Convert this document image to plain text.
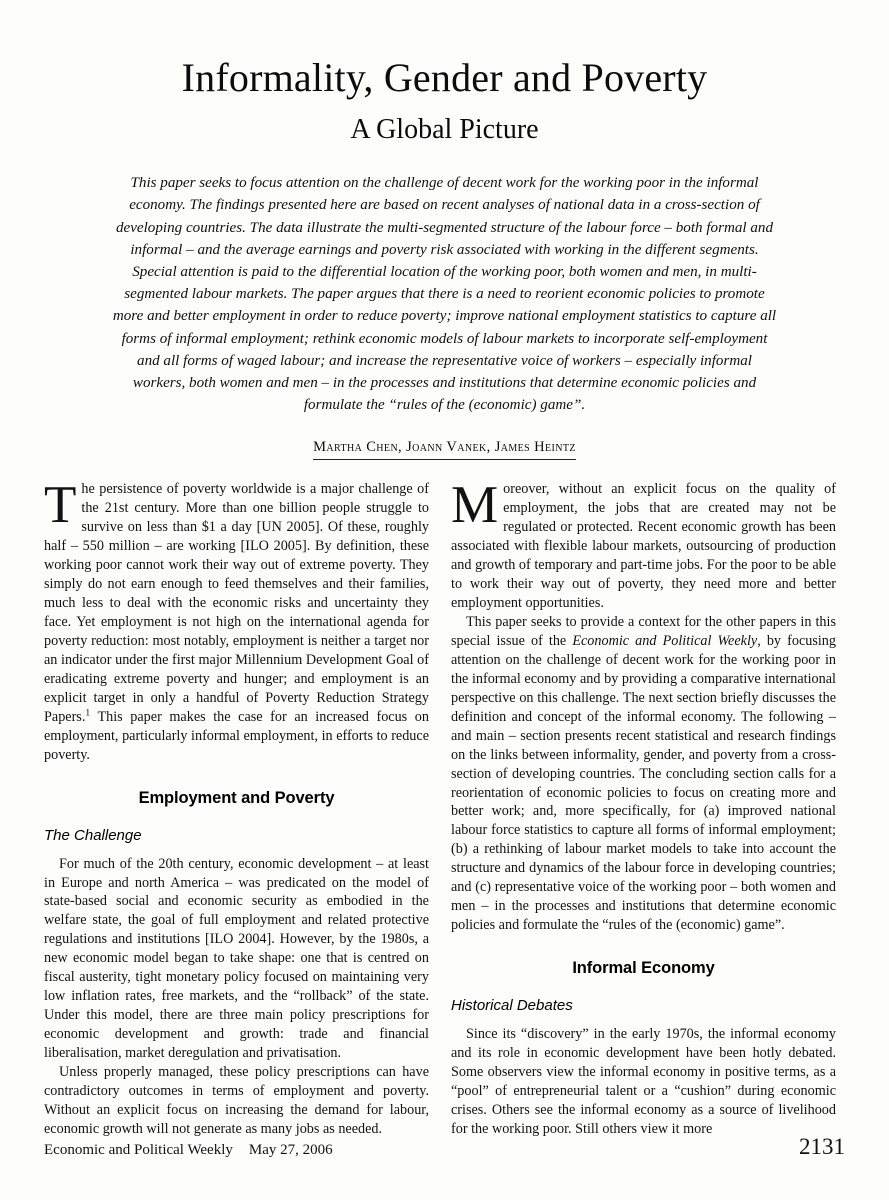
Informality, Gender and Poverty
A Global Picture
This paper seeks to focus attention on the challenge of decent work for the working poor in the informal economy. The findings presented here are based on recent analyses of national data in a cross-section of developing countries. The data illustrate the multi-segmented structure of the labour force – both formal and informal – and the average earnings and poverty risk associated with working in the different segments. Special attention is paid to the differential location of the working poor, both women and men, in multi-segmented labour markets. The paper argues that there is a need to reorient economic policies to promote more and better employment in order to reduce poverty; improve national employment statistics to capture all forms of informal employment; rethink economic models of labour markets to incorporate self-employment and all forms of waged labour; and increase the representative voice of workers – especially informal workers, both women and men – in the processes and institutions that determine economic policies and formulate the “rules of the (economic) game”.
Martha Chen, Joann Vanek, James Heintz

The persistence of poverty worldwide is a major challenge of the 21st century. More than one billion people struggle to survive on less than $1 a day [UN 2005]. Of these, roughly half – 550 million – are working [ILO 2005]. By definition, these working poor cannot work their way out of extreme poverty. They simply do not earn enough to feed themselves and their families, much less to deal with the economic risks and uncertainty they face. Yet employment is not high on the international agenda for poverty reduction: most notably, employment is neither a target nor an indicator under the first major Millennium Development Goal of eradicating extreme poverty and hunger; and employment is an explicit target in only a handful of Poverty Reduction Strategy Papers.$^1$ This paper makes the case for an increased focus on employment, particularly informal employment, in efforts to reduce poverty.

Employment and Poverty
The Challenge

For much of the 20th century, economic development – at least in Europe and north America – was predicated on the model of state-based social and economic security as embodied in the welfare state, the goal of full employment and related protective regulations and institutions [ILO 2004]. However, by the 1980s, a new economic model began to take shape: one that is centred on fiscal austerity, tight monetary policy focused on maintaining very low inflation rates, free markets, and the “rollback” of the state. Under this model, there are three main policy prescriptions for economic development and growth: trade and financial liberalisation, market deregulation and privatisation.

Unless properly managed, these policy prescriptions can have contradictory outcomes in terms of employment and poverty. Without an explicit focus on increasing the demand for labour, economic growth will not generate as many jobs as needed.

Moreover, without an explicit focus on the quality of employment, the jobs that are created may not be regulated or protected. Recent economic growth has been associated with flexible labour markets, outsourcing of production and growth of temporary and part-time jobs. For the poor to be able to work their way out of poverty, they need more and better employment opportunities.

This paper seeks to provide a context for the other papers in this special issue of the Economic and Political Weekly, by focusing attention on the challenge of decent work for the working poor in the informal economy and by providing a comparative international perspective on this challenge. The next section briefly discusses the definition and concept of the informal economy. The following – and main – section presents recent statistical and research findings on the links between informality, gender, and poverty from a cross-section of developing countries. The concluding section calls for a reorientation of economic policies to focus on creating more and better work; and, more specifically, for (a) improved national labour force statistics to capture all forms of informal employment; (b) a rethinking of labour market models to take into account the structure and dynamics of the labour force in developing countries; and (c) representative voice of the working poor – both women and men – in the processes and institutions that determine economic policies and formulate the “rules of the (economic) game”.

Informal Economy
Historical Debates

Since its “discovery” in the early 1970s, the informal economy and its role in economic development have been hotly debated. Some observers view the informal economy in positive terms, as a “pool” of entrepreneurial talent or a “cushion” during economic crises. Others see the informal economy as a source of livelihood for the working poor. Still others view it more

Economic and Political Weekly May 27, 2006	2131
